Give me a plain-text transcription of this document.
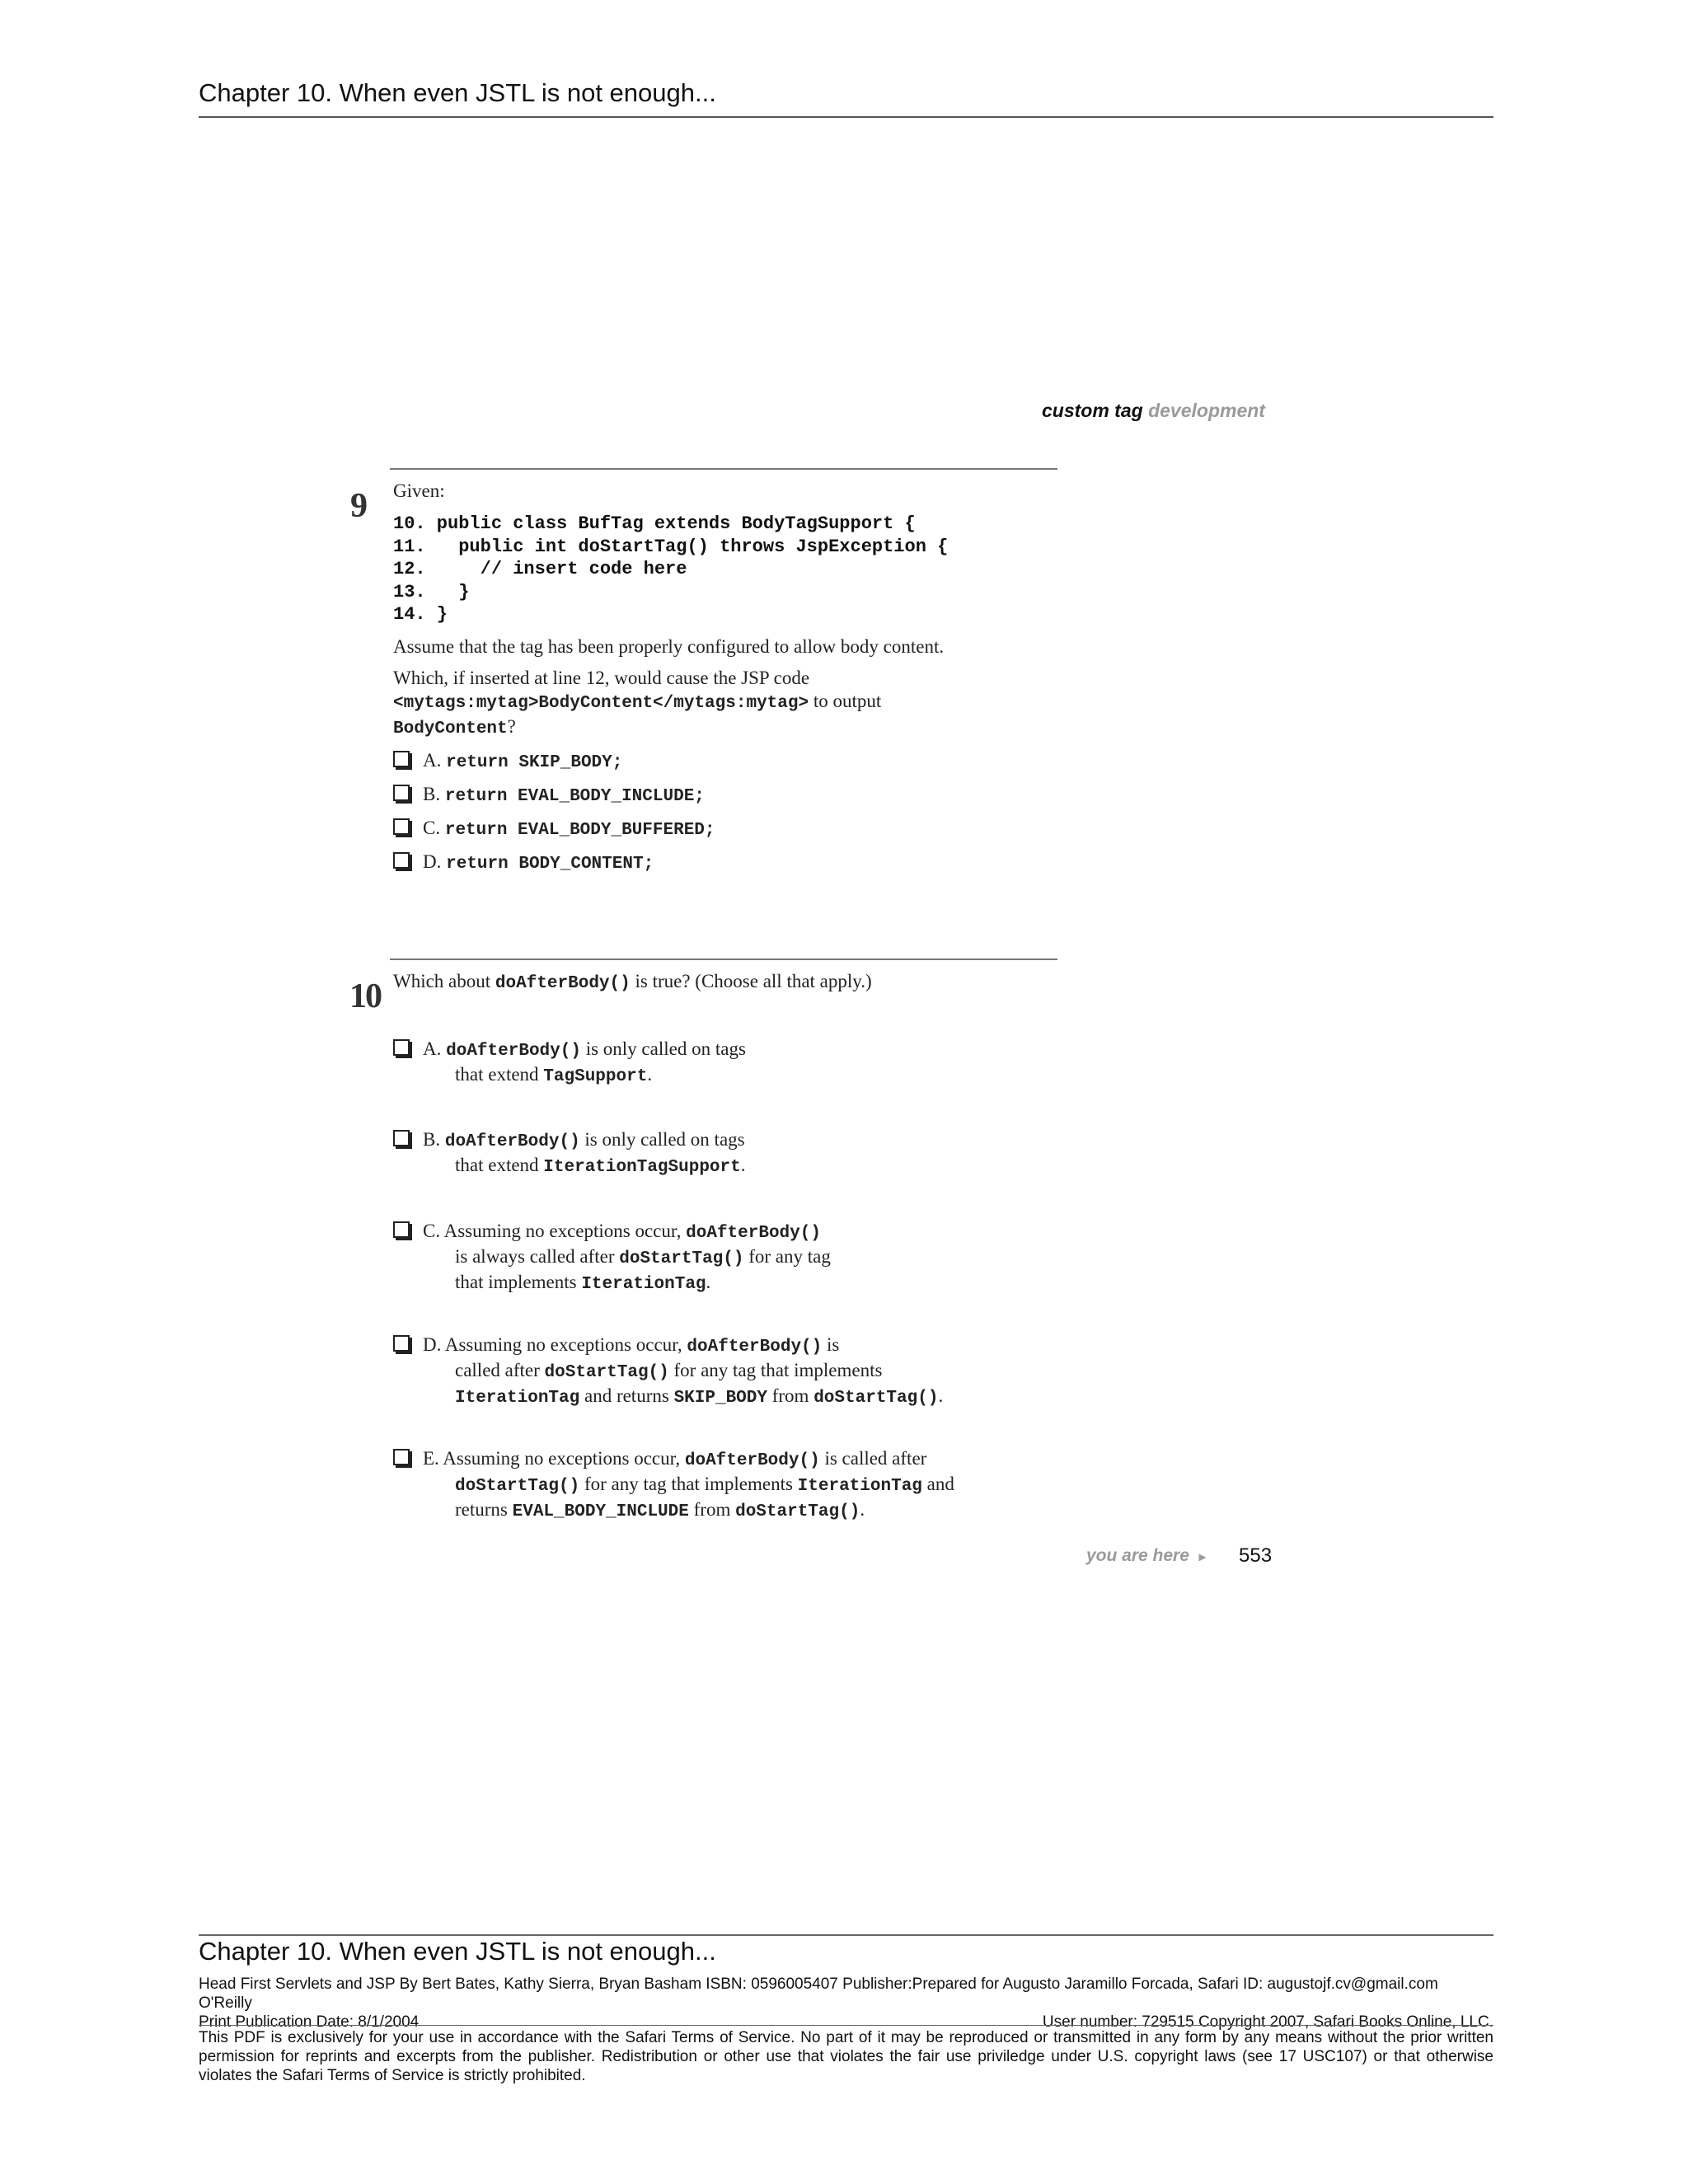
Chapter 10. When even JSTL is not enough...
custom tag development
9 Given:
10. public class BufTag extends BodyTagSupport {
11.   public int doStartTag() throws JspException {
12.     // insert code here
13.   }
14. }
Assume that the tag has been properly configured to allow body content.
Which, if inserted at line 12, would cause the JSP code
<mytags:mytag>BodyContent</mytags:mytag> to output
BodyContent?
A. return SKIP_BODY;
B. return EVAL_BODY_INCLUDE;
C. return EVAL_BODY_BUFFERED;
D. return BODY_CONTENT;
10 Which about doAfterBody() is true? (Choose all that apply.)
A. doAfterBody() is only called on tags
that extend TagSupport.
B. doAfterBody() is only called on tags
that extend IterationTagSupport.
C. Assuming no exceptions occur, doAfterBody()
is always called after doStartTag() for any tag
that implements IterationTag.
D. Assuming no exceptions occur, doAfterBody() is
called after doStartTag() for any tag that implements
IterationTag and returns SKIP_BODY from doStartTag().
E. Assuming no exceptions occur, doAfterBody() is called after
doStartTag() for any tag that implements IterationTag and
returns EVAL_BODY_INCLUDE from doStartTag().
you are here ▸ 553
Chapter 10. When even JSTL is not enough...
Head First Servlets and JSP By Bert Bates, Kathy Sierra, Bryan Basham ISBN: 0596005407 Publisher:Prepared for Augusto Jaramillo Forcada, Safari ID: augustojf.cv@gmail.com
O'Reilly
Print Publication Date: 8/1/2004	User number: 729515 Copyright 2007, Safari Books Online, LLC.
This PDF is exclusively for your use in accordance with the Safari Terms of Service. No part of it may be reproduced or transmitted in any form by any means without the prior written permission for reprints and excerpts from the publisher. Redistribution or other use that violates the fair use priviledge under U.S. copyright laws (see 17 USC107) or that otherwise violates the Safari Terms of Service is strictly prohibited.
